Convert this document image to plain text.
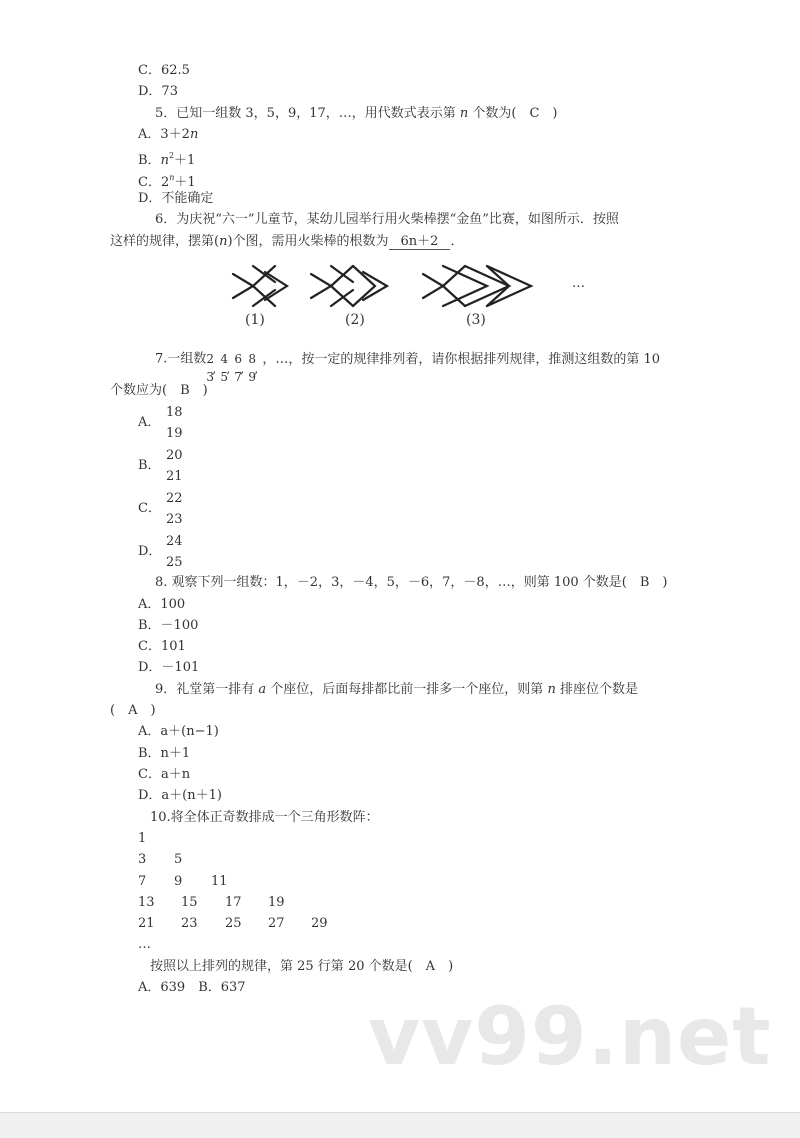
C．62.5
D．73
5．已知一组数 3，5，9，17，…，用代数式表示第 n 个数为(　C　)
A．3＋2n
B．$n^2+1$
C．$2^n+1$
D．不能确定
6．为庆祝“六一”儿童节，某幼儿园举行用火柴棒摆“金鱼”比赛，如图所示．按照
这样的规律，摆第(n)个图，需用火柴棒的根数为 6n＋2 ．
…
(1)	(2)	(3)
7.一组数 2 4 6 8
, , , ,
3 5 7 9
，…，按一定的规律排列着，请你根据排列规律，推测这组数的第 10
个数应为(　B　)
A．
18
19
B．
20
21
C．
22
23
D．
24
25
8. 观察下列一组数：1，－2，3，－4，5，－6，7，－8，…，则第 100 个数是(　B　)
A．100
B．－100
C．101
D．－101
9．礼堂第一排有 a 个座位，后面每排都比前一排多一个座位，则第 n 排座位个数是
(　A　)
A．a＋(n−1)
B．n＋1
C．a＋n
D．a＋(n＋1)
10.将全体正奇数排成一个三角形数阵：
1
3 5
7 9 11
13 15 17 19
21 23 25 27 29
…
按照以上排列的规律，第 25 行第 20 个数是(　A　)
A．639　B．637
vv99.net
